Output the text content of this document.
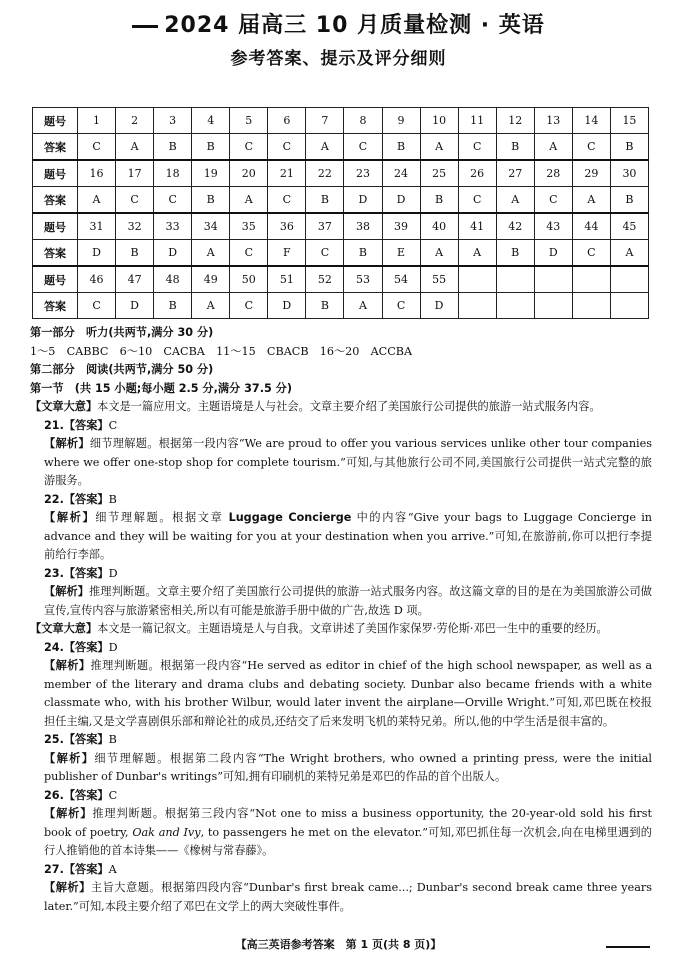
2024 届高三 10 月质量检测 · 英语
参考答案、提示及评分细则
题号	1	2	3	4	5	6	7	8	9	10	11	12	13	14	15
答案	C	A	B	B	C	C	A	C	B	A	C	B	A	C	B
题号	16	17	18	19	20	21	22	23	24	25	26	27	28	29	30
答案	A	C	C	B	A	C	B	D	D	B	C	A	C	A	B
题号	31	32	33	34	35	36	37	38	39	40	41	42	43	44	45
答案	D	B	D	A	C	F	C	B	E	A	A	B	D	C	A
题号	46	47	48	49	50	51	52	53	54	55					
答案	C	D	B	A	C	D	B	A	C	D					

第一部分　听力(共两节,满分 30 分)

1～5　CABBC　6～10　CACBA　11～15　CBACB　16～20　ACCBA

第二部分　阅读(共两节,满分 50 分)

第一节　(共 15 小题;每小题 2.5 分,满分 37.5 分)

【文章大意】本文是一篇应用文。主题语境是人与社会。文章主要介绍了美国旅行公司提供的旅游一站式服务内容。

21.【答案】C

【解析】细节理解题。根据第一段内容“We are proud to offer you various services unlike other tour companies where we offer one-stop shop for complete tourism.”可知,与其他旅行公司不同,美国旅行公司提供一站式完整的旅游服务。

22.【答案】B

【解析】细节理解题。根据文章 Luggage Concierge 中的内容“Give your bags to Luggage Concierge in advance and they will be waiting for you at your destination when you arrive.”可知,在旅游前,你可以把行李提前给行李部。

23.【答案】D

【解析】推理判断题。文章主要介绍了美国旅行公司提供的旅游一站式服务内容。故这篇文章的目的是在为美国旅游公司做宣传,宣传内容与旅游紧密相关,所以有可能是旅游手册中做的广告,故选 D 项。

【文章大意】本文是一篇记叙文。主题语境是人与自我。文章讲述了美国作家保罗·劳伦斯·邓巴一生中的重要的经历。

24.【答案】D

【解析】推理判断题。根据第一段内容“He served as editor in chief of the high school newspaper, as well as a member of the literary and drama clubs and debating society. Dunbar also became friends with a white classmate who, with his brother Wilbur, would later invent the airplane—Orville Wright.”可知,邓巴既在校报担任主编,又是文学喜剧俱乐部和辩论社的成员,还结交了后来发明飞机的莱特兄弟。所以,他的中学生活是很丰富的。

25.【答案】B

【解析】细节理解题。根据第二段内容“The Wright brothers, who owned a printing press, were the initial publisher of Dunbar's writings”可知,拥有印刷机的莱特兄弟是邓巴的作品的首个出版人。

26.【答案】C

【解析】推理判断题。根据第三段内容“Not one to miss a business opportunity, the 20-year-old sold his first book of poetry, Oak and Ivy, to passengers he met on the elevator.”可知,邓巴抓住每一次机会,向在电梯里遇到的行人推销他的首本诗集——《橡树与常春藤》。

27.【答案】A

【解析】主旨大意题。根据第四段内容“Dunbar's first break came...; Dunbar's second break came three years later.”可知,本段主要介绍了邓巴在文学上的两大突破性事件。

【高三英语参考答案　第 1 页(共 8 页)】
